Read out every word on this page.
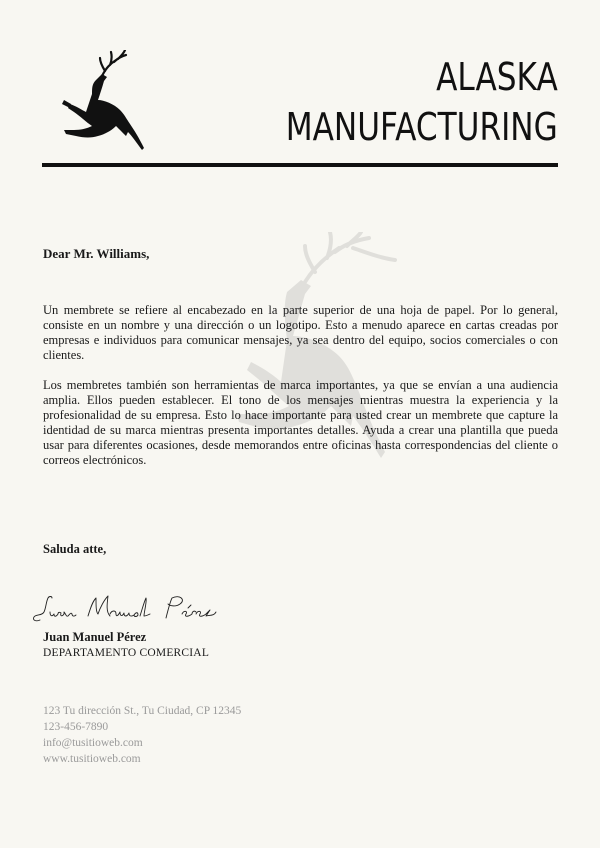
ALASKA
MANUFACTURING
Dear Mr. Williams,

Un membrete se refiere al encabezado en la parte superior de una hoja de papel. Por lo general, consiste en un nombre y una dirección o un logotipo. Esto a menudo aparece en cartas creadas por empresas e individuos para comunicar mensajes, ya sea dentro del equipo, socios comerciales o con clientes.

Los membretes también son herramientas de marca importantes, ya que se envían a una audiencia amplia. Ellos pueden establecer. El tono de los mensajes mientras muestra la experiencia y la profesionalidad de su empresa. Esto lo hace importante para usted crear un membrete que capture la identidad de su marca mientras presenta importantes detalles. Ayuda a crear una plantilla que pueda usar para diferentes ocasiones, desde memorandos entre oficinas hasta correspondencias del cliente o correos electrónicos.

Saluda atte,
Juan Manuel Pérez
DEPARTAMENTO COMERCIAL
123 Tu dirección St., Tu Ciudad, CP 12345
123-456-7890
info@tusitioweb.com
www.tusitioweb.com
